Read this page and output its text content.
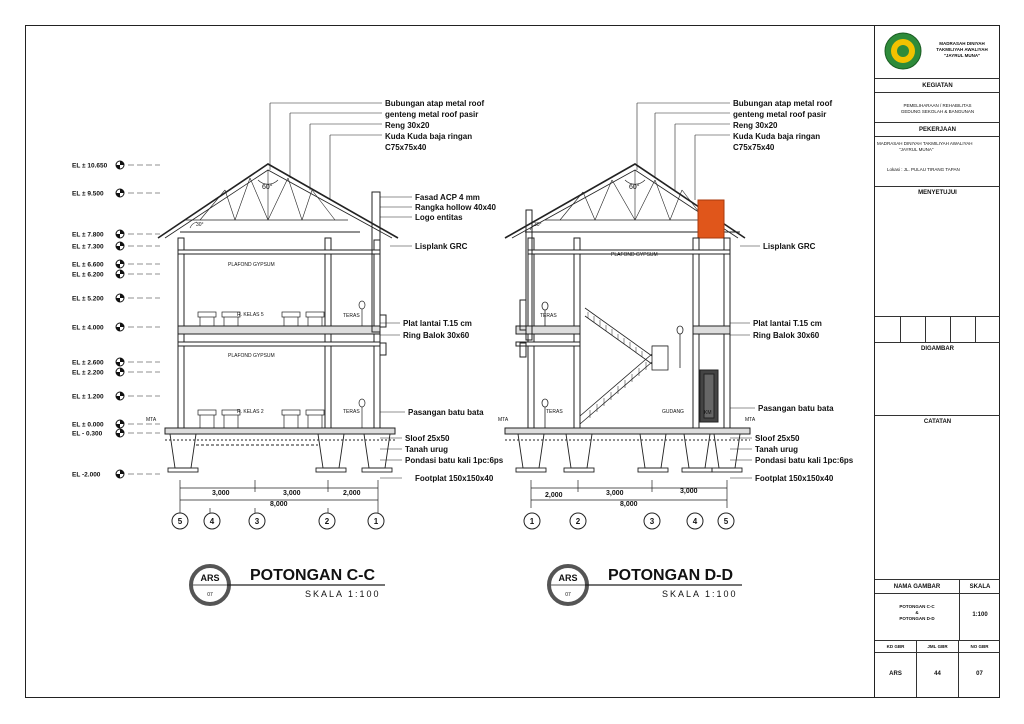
EL ± 10.650
EL ± 9.500
EL ± 7.800
EL ± 7.300
EL ± 6.600
EL ± 6.200
EL ± 5.200
EL ± 4.000
EL ± 2.600
EL ± 2.200
EL ± 1.200
EL ± 0.000
EL - 0.300
EL -2.000
60°
30°
PLAFOND GYPSUM
R. KELAS 5
PLAFOND GYPSUM
R. KELAS 2
TERAS
TERAS
MTA
60°
30°
PLAFOND GYPSUM
TERAS
TERAS	GUDANG	KM
MTA	MTA
3,000	3,000	2,000
8,000
2,000	3,000	3,000
8,000
5	4	3	2	1	1	2	3	4	5
Bubungan atap metal roof
genteng metal roof pasir
Reng 30x20
Kuda Kuda baja ringan
C75x75x40
Fasad ACP 4 mm
Rangka hollow 40x40
Logo entitas
Lisplank GRC
Plat lantai T.15 cm
Ring Balok 30x60
Pasangan batu bata
Sloof 25x50
Tanah urug
Pondasi batu kali 1pc:6ps
Footplat 150x150x40
Bubungan atap metal roof
genteng metal roof pasir
Reng 30x20
Kuda Kuda baja ringan
C75x75x40
Lisplank GRC
Plat lantai T.15 cm
Ring Balok 30x60
Pasangan batu bata
Sloof 25x50
Tanah urug
Pondasi batu kali 1pc:6ps
Footplat 150x150x40
ARS
07
POTONGAN C-C
SKALA 1:100
ARS
07
POTONGAN D-D
SKALA 1:100
MADRASAH DINIYAH
TAKMILIYAH AWALIYAH
"JAYRUL MUNA"
KEGIATAN
PEMELIHARAAN / REHABILITAS
GEDUNG SEKOLAH & BANGUNAN
PEKERJAAN
MADRASAH DINIYAH TAKMILIYAH AWALIYAH
"JAYRUL MUNA"
Lokasi : JL. PULAU TIRANG TAPAN
MENYETUJUI
DIGAMBAR
CATATAN
NAMA GAMBAR	SKALA
POTONGAN C-C
&
POTONGAN D-D
1:100
KD GBR	JML GBR	NO GBR
ARS	44	07
